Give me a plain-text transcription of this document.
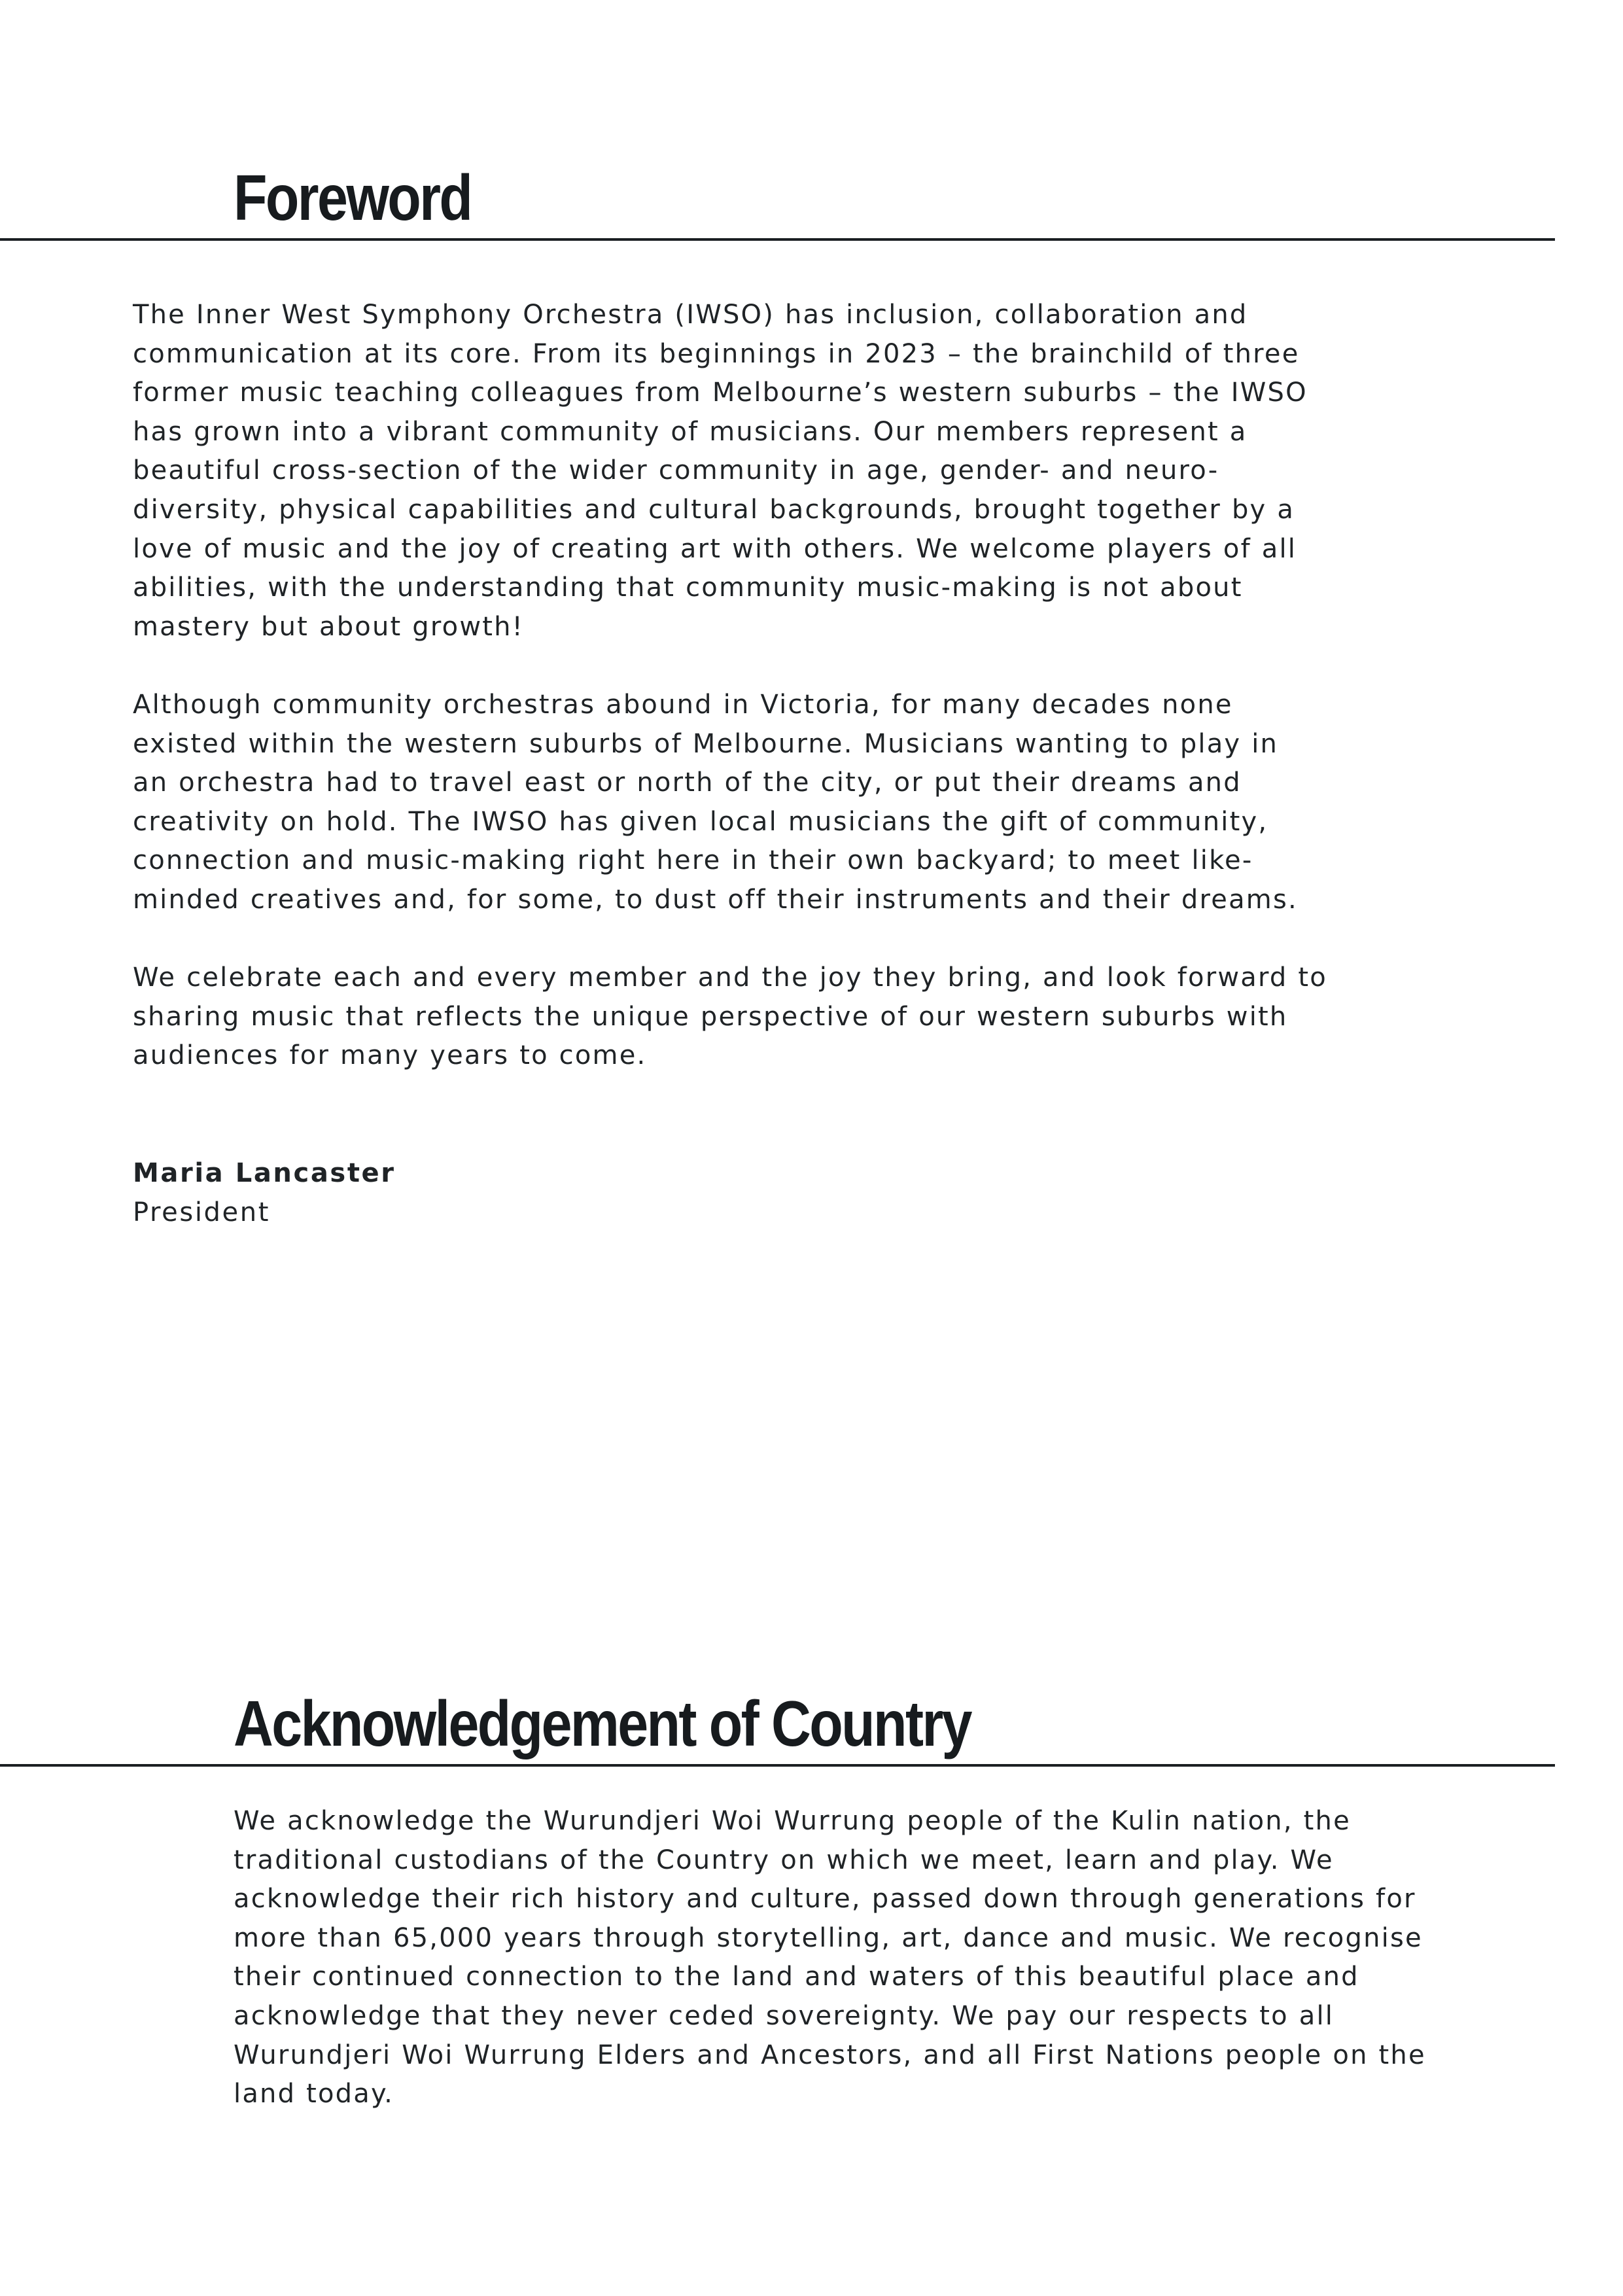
Foreword

The Inner West Symphony Orchestra (IWSO) has inclusion, collaboration and
communication at its core. From its beginnings in 2023 – the brainchild of three
former music teaching colleagues from Melbourne’s western suburbs – the IWSO
has grown into a vibrant community of musicians. Our members represent a
beautiful cross-section of the wider community in age, gender- and neuro-
diversity, physical capabilities and cultural backgrounds, brought together by a
love of music and the joy of creating art with others. We welcome players of all
abilities, with the understanding that community music-making is not about
mastery but about growth!

Although community orchestras abound in Victoria, for many decades none
existed within the western suburbs of Melbourne. Musicians wanting to play in
an orchestra had to travel east or north of the city, or put their dreams and
creativity on hold. The IWSO has given local musicians the gift of community,
connection and music-making right here in their own backyard; to meet like-
minded creatives and, for some, to dust off their instruments and their dreams.

We celebrate each and every member and the joy they bring, and look forward to
sharing music that reflects the unique perspective of our western suburbs with
audiences for many years to come.

Maria Lancaster
President
Acknowledgement of Country

We acknowledge the Wurundjeri Woi Wurrung people of the Kulin nation, the
traditional custodians of the Country on which we meet, learn and play. We
acknowledge their rich history and culture, passed down through generations for
more than 65,000 years through storytelling, art, dance and music. We recognise
their continued connection to the land and waters of this beautiful place and
acknowledge that they never ceded sovereignty. We pay our respects to all
Wurundjeri Woi Wurrung Elders and Ancestors, and all First Nations people on the
land today.
